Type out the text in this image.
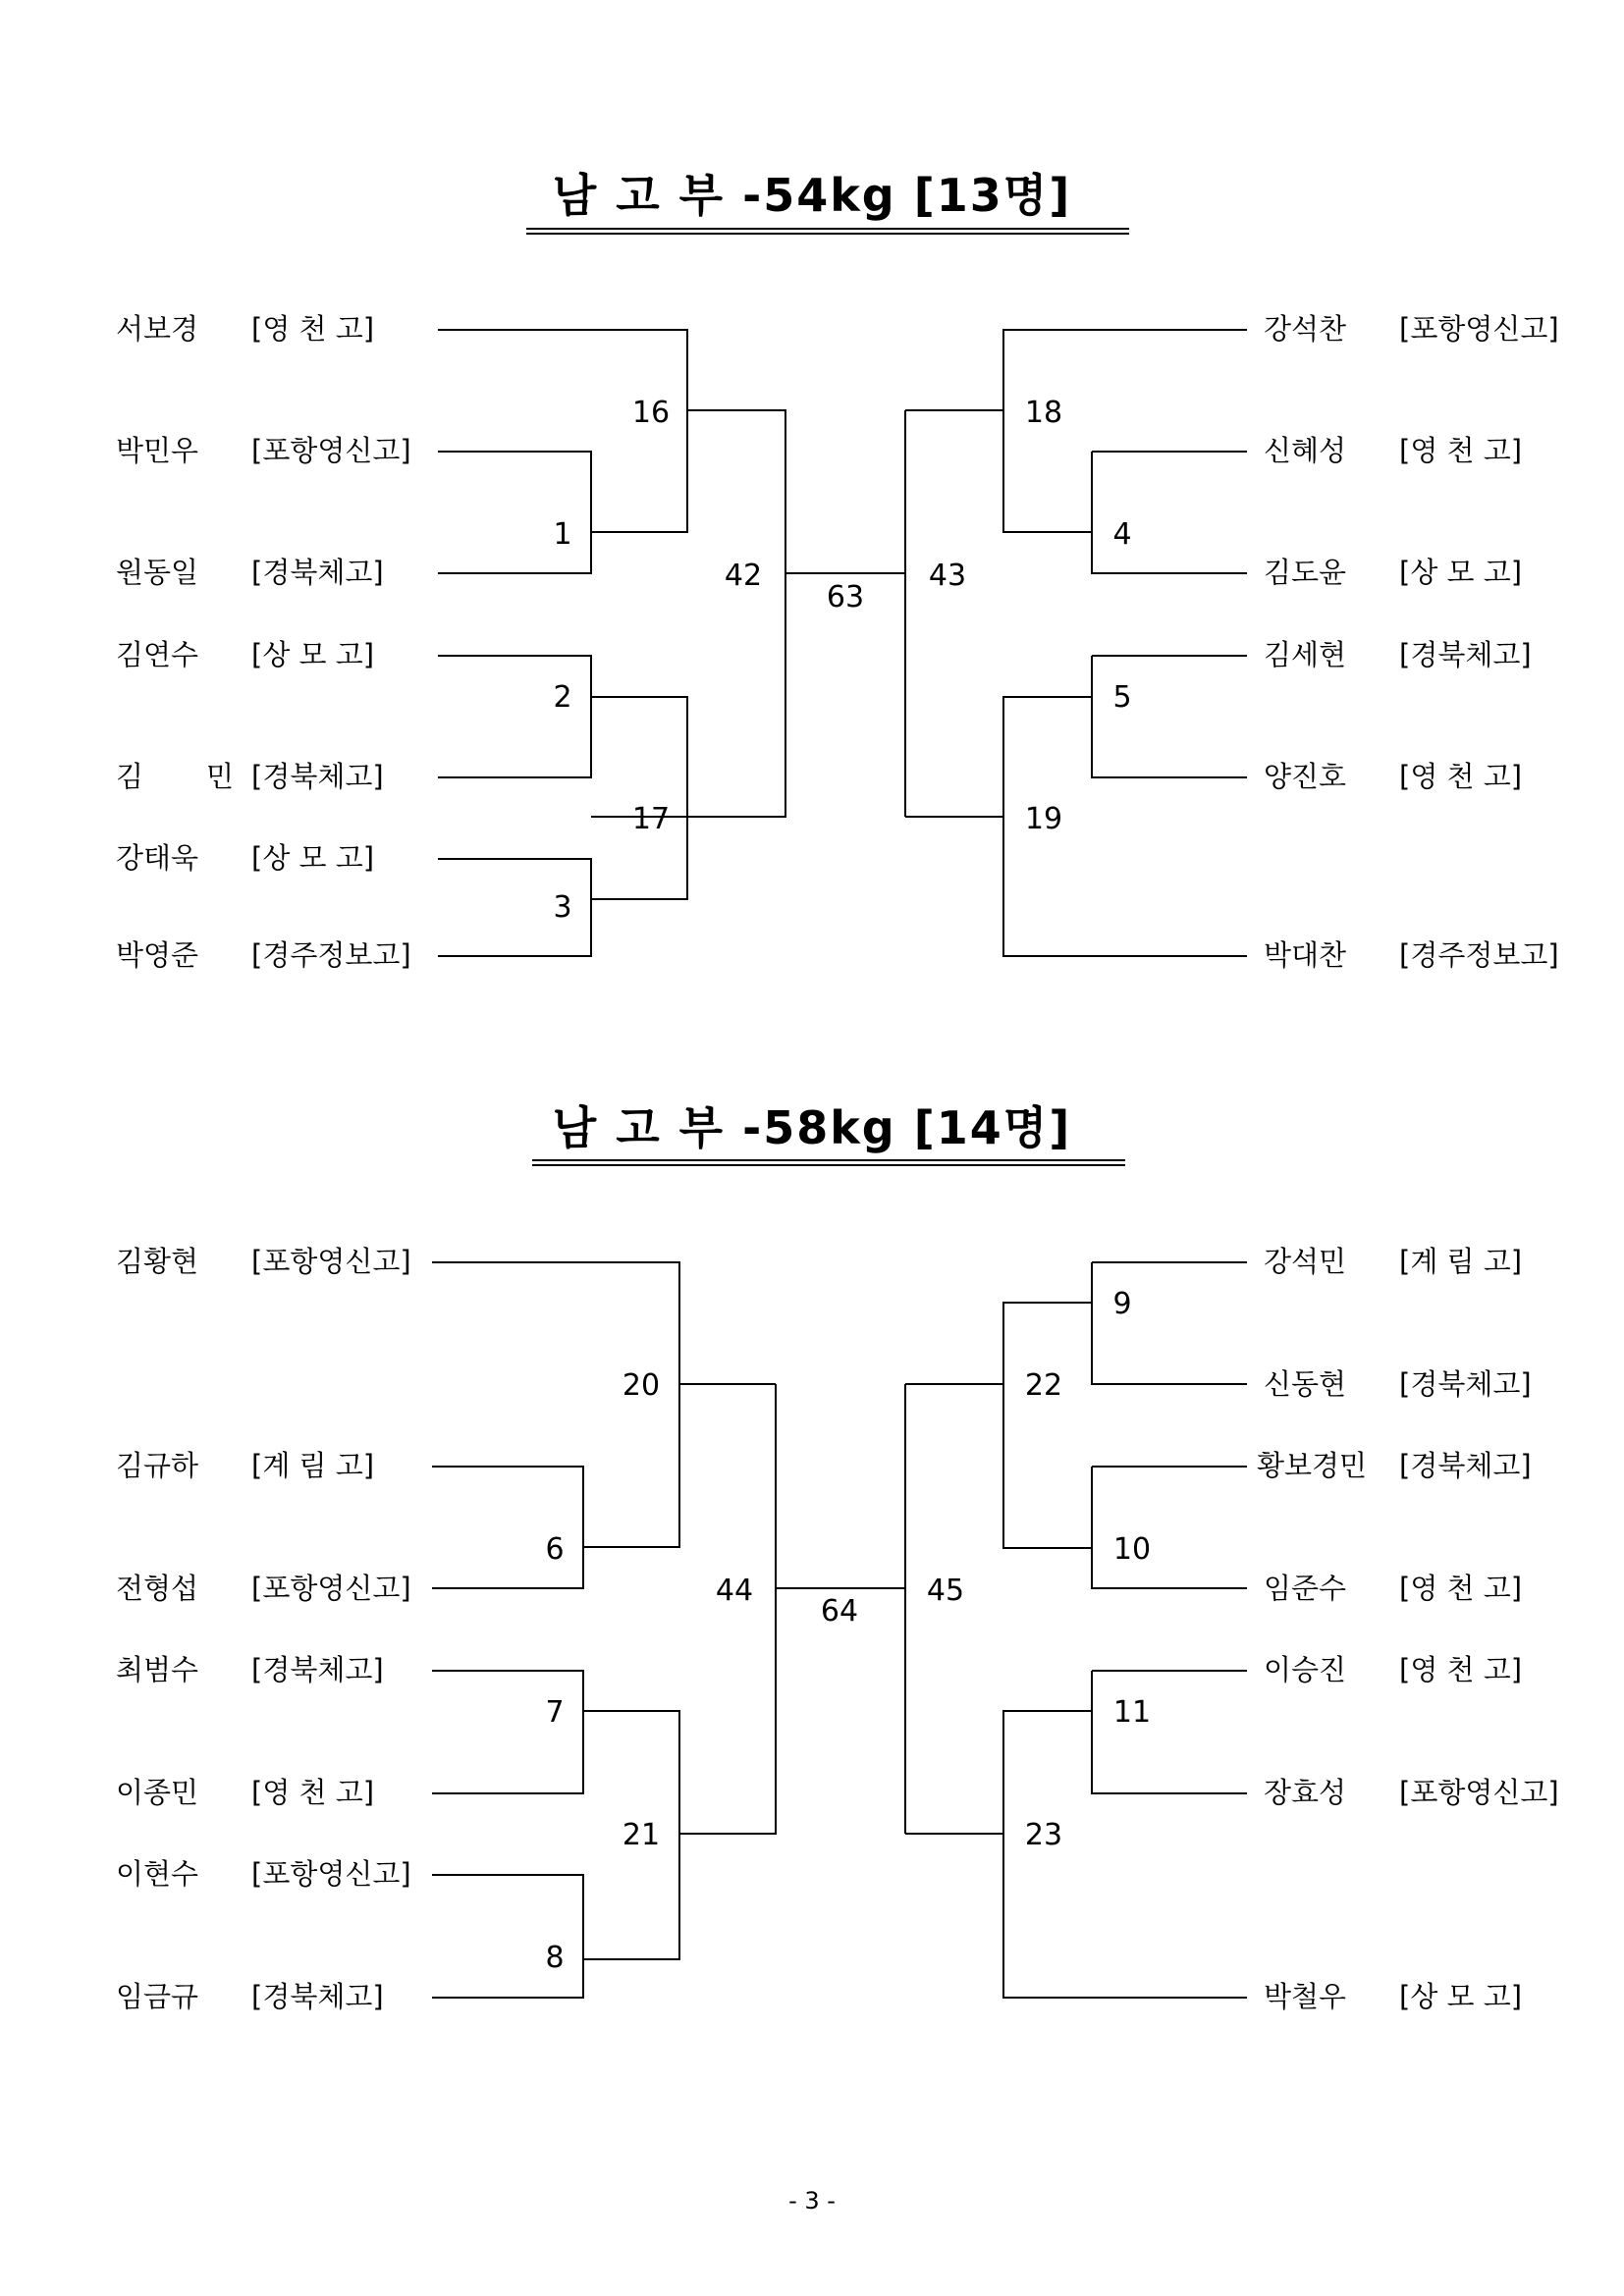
남 고 부 -54kg [13명]
서보경 [영 천 고]
박민우 [포항영신고]
원동일 [경북체고]
김연수 [상 모 고]
김 민 [경북체고]
강태욱 [상 모 고]
박영준 [경주정보고]
강석찬 [포항영신고]
신혜성 [영 천 고]
김도윤 [상 모 고]
김세현 [경북체고]
양진호 [영 천 고]
박대찬 [경주정보고]
16
1
2
17
3
42
63
43
18
4
5
19
남 고 부 -58kg [14명]
김황현 [포항영신고]
김규하 [계 림 고]
전형섭 [포항영신고]
최범수 [경북체고]
이종민 [영 천 고]
이현수 [포항영신고]
임금규 [경북체고]
강석민 [계 림 고]
신동현 [경북체고]
황보경민 [경북체고]
임준수 [영 천 고]
이승진 [영 천 고]
장효성 [포항영신고]
박철우 [상 모 고]
20
6
7
21
8
44
64
45
9
22
10
11
23
- 3 -
